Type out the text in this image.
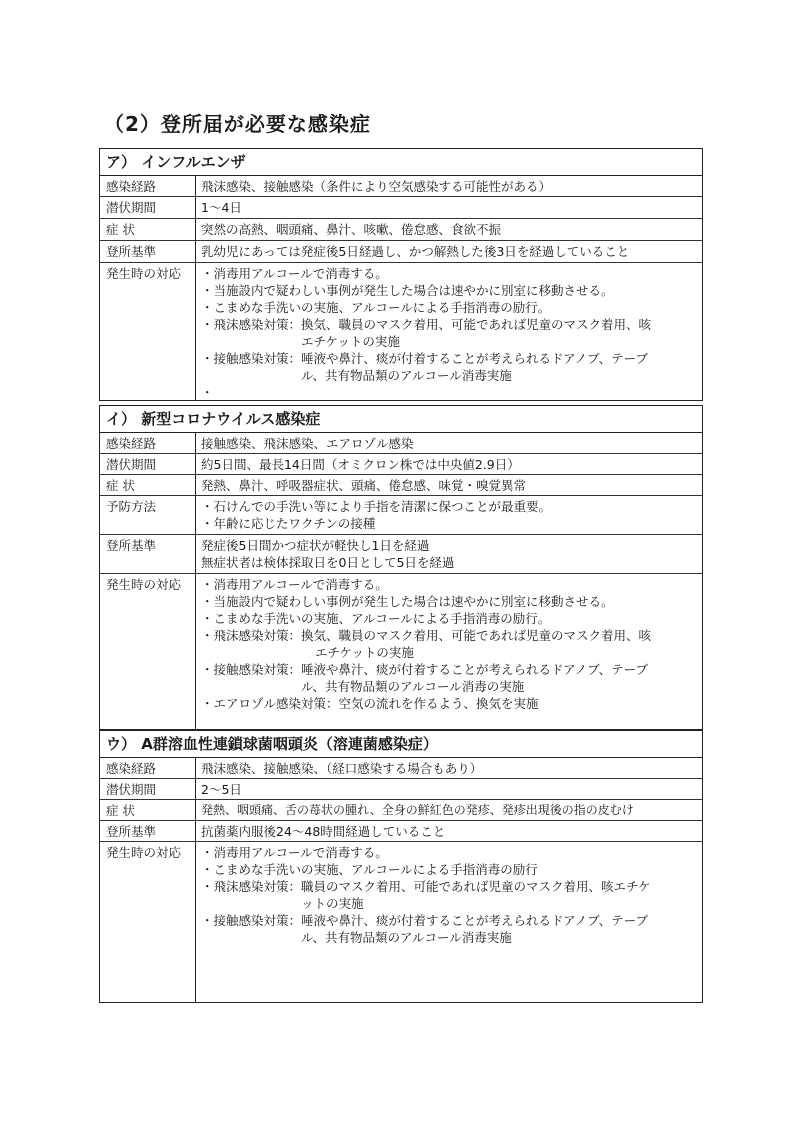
（2）登所届が必要な感染症
ア） インフルエンザ
感染経路	飛沫感染、接触感染（条件により空気感染する可能性がある）
潜伏期間	1～4日
症 状	突然の高熱、咽頭痛、鼻汁、咳嗽、倦怠感、食欲不振
登所基準	乳幼児にあっては発症後5日経過し、かつ解熱した後3日を経過していること
発生時の対応	・ 消毒用アルコールで消毒する。
・ 当施設内で疑わしい事例が発生した場合は速やかに別室に移動させる。
・ こまめな手洗いの実施、アルコールによる手指消毒の励行。
・ 飛沫感染対策：換気、職員のマスク着用、可能であれば児童のマスク着用、咳
エチケットの実施
・ 接触感染対策：唾液や鼻汁、痰が付着することが考えられるドアノブ、テーブ
ル、共有物品類のアルコール消毒実施
・
イ） 新型コロナウイルス感染症
感染経路	接触感染、飛沫感染、エアロゾル感染
潜伏期間	約5日間、最長14日間（オミクロン株では中央値2.9日）
症 状	発熱、鼻汁、呼吸器症状、頭痛、倦怠感、味覚・嗅覚異常
予防方法	・ 石けんでの手洗い等により手指を清潔に保つことが最重要。
・ 年齢に応じたワクチンの接種
登所基準	発症後5日間かつ症状が軽快し1日を経過
無症状者は検体採取日を0日として5日を経過
発生時の対応	・ 消毒用アルコールで消毒する。
・ 当施設内で疑わしい事例が発生した場合は速やかに別室に移動させる。
・ こまめな手洗いの実施、アルコールによる手指消毒の励行。
・ 飛沫感染対策：換気、職員のマスク着用、可能であれば児童のマスク着用、咳
エチケットの実施
・ 接触感染対策：唾液や鼻汁、痰が付着することが考えられるドアノブ、テーブ
ル、共有物品類のアルコール消毒の実施
・ エアロゾル感染対策：空気の流れを作るよう、換気を実施
ウ） A群溶血性連鎖球菌咽頭炎（溶連菌感染症）
感染経路	飛沫感染、接触感染、（経口感染する場合もあり）
潜伏期間	2～5日
症 状	発熱、咽頭痛、舌の苺状の腫れ、全身の鮮紅色の発疹、発疹出現後の指の皮むけ
登所基準	抗菌薬内服後24～48時間経過していること
発生時の対応	・ 消毒用アルコールで消毒する。
・ こまめな手洗いの実施、アルコールによる手指消毒の励行
・ 飛沫感染対策：職員のマスク着用、可能であれば児童のマスク着用、咳エチケ
ットの実施
・ 接触感染対策：唾液や鼻汁、痰が付着することが考えられるドアノブ、テーブ
ル、共有物品類のアルコール消毒実施
